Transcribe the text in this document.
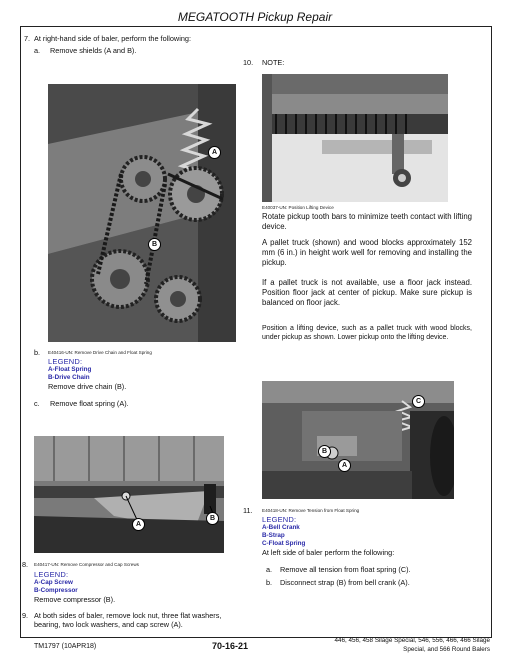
MEGATOOTH Pickup Repair
7. At right-hand side of baler, perform the following:
a. Remove shields (A and B).
A
B
E40416-UN: Remove Drive Chain and Float Spring
b.
LEGEND:
A-Float Spring
B-Drive Chain
Remove drive chain (B).
c. Remove float spring (A).
A
B
8. E40417-UN: Remove Compressor and Cap Screws
LEGEND:
A-Cap Screw
B-Compressor
Remove compressor (B).
9. At both sides of baler, remove lock nut, three flat washers, bearing, two lock washers, and cap screw (A).
10. NOTE:
E40037-UN: Position Lifting Device
Rotate pickup tooth bars to minimize teeth contact with lifting device.
A pallet truck (shown) and wood blocks approximately 152 mm (6 in.) in height work well for removing and installing the pickup.
If a pallet truck is not available, use a floor jack instead. Position floor jack at center of pickup. Make sure pickup is balanced on floor jack.
Position a lifting device, such as a pallet truck with wood blocks, under pickup as shown. Lower pickup onto the lifting device.
A
B
C
11. E40418-UN: Remove Tension from Float Spring
LEGEND:
A-Bell Crank
B-Strap
C-Float Spring
At left side of baler perform the following:
a. Remove all tension from float spring (C).
b. Disconnect strap (B) from bell crank (A).
TM1797 (10APR18)	70-16-21
446, 456, 458 Silage Special, 546, 556, 466, 466 Silage
Special, and 566 Round Balers
